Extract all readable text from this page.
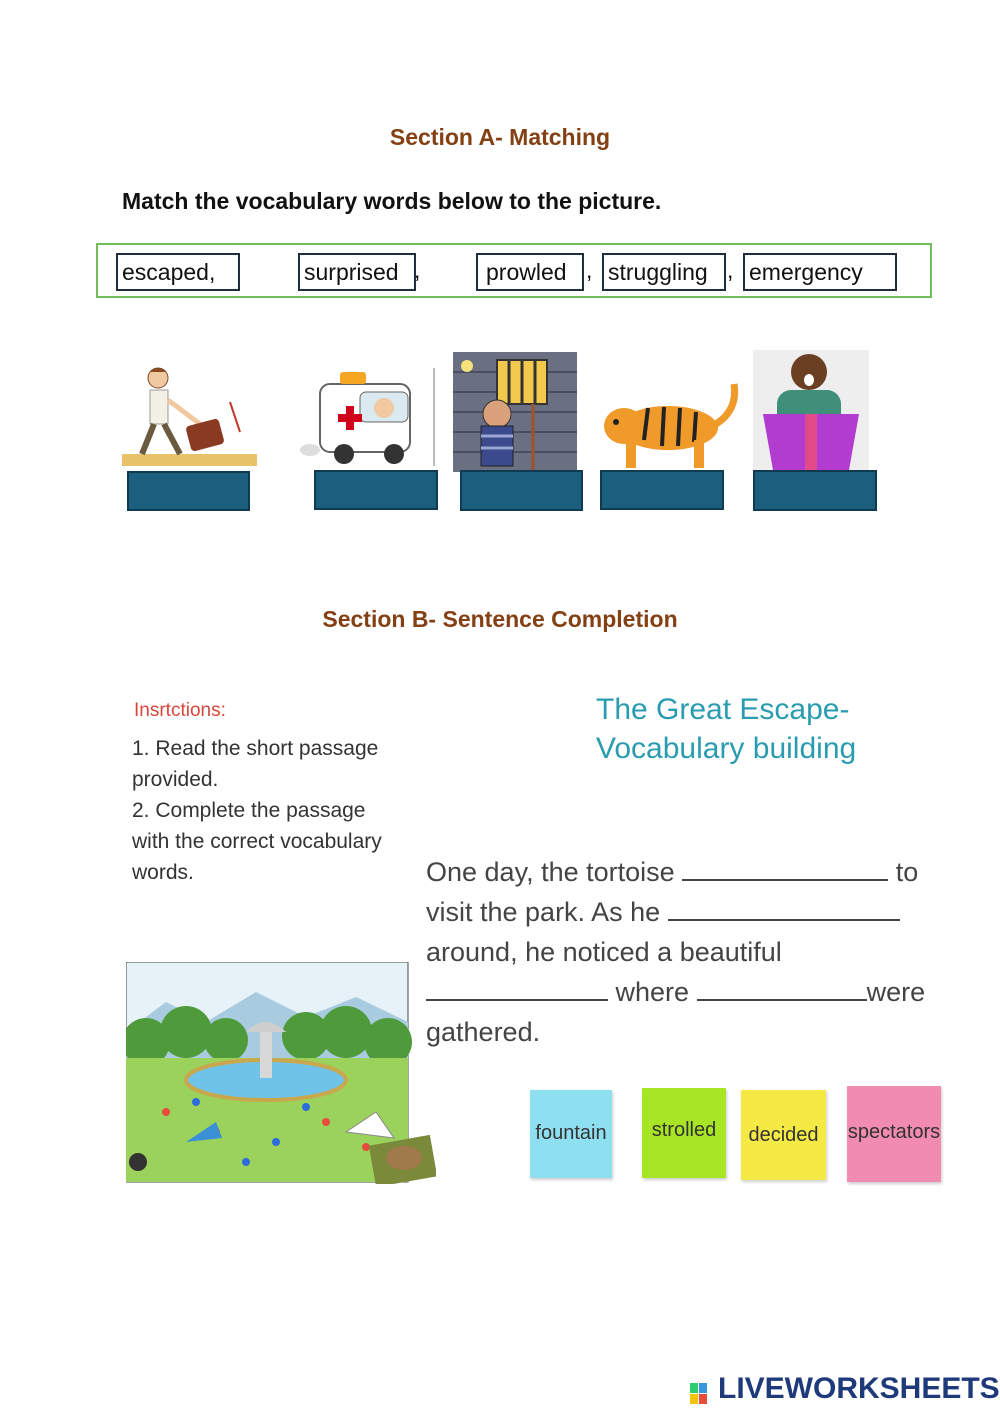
Section A- Matching
Match the vocabulary words below to the picture.
escaped,	surprised ,	prowled , struggling , emergency
Section B- Sentence Completion
Insrtctions:
1. Read the short passage
provided.
2. Complete the passage
with the correct vocabulary
words.
The Great Escape-
Vocabulary building
One day, the tortoise	to
visit the park. As he
around, he noticed a beautiful
where	were
gathered.
fountain	strolled	decided	spectators
LIVEWORKSHEETS
